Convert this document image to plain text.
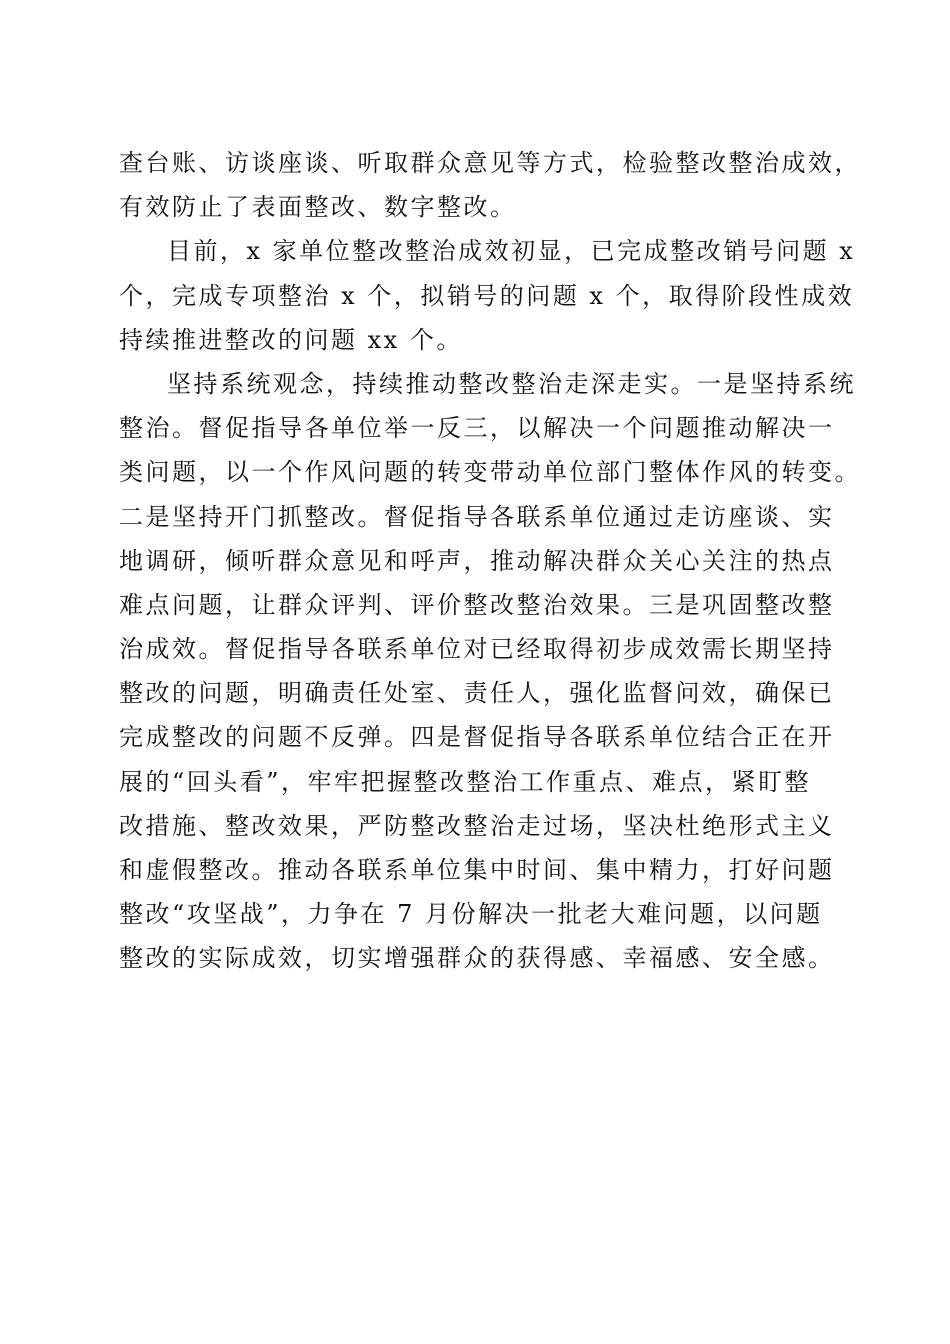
查台账、访谈座谈、听取群众意见等方式，检验整改整治成效，
有效防止了表面整改、数字整改。
目前，x 家单位整改整治成效初显，已完成整改销号问题 x
个，完成专项整治 x 个，拟销号的问题 x 个，取得阶段性成效
持续推进整改的问题 xx 个。
坚持系统观念，持续推动整改整治走深走实。一是坚持系统
整治。督促指导各单位举一反三，以解决一个问题推动解决一
类问题，以一个作风问题的转变带动单位部门整体作风的转变。
二是坚持开门抓整改。督促指导各联系单位通过走访座谈、实
地调研，倾听群众意见和呼声，推动解决群众关心关注的热点
难点问题，让群众评判、评价整改整治效果。三是巩固整改整
治成效。督促指导各联系单位对已经取得初步成效需长期坚持
整改的问题，明确责任处室、责任人，强化监督问效，确保已
完成整改的问题不反弹。四是督促指导各联系单位结合正在开
展的“回头看”，牢牢把握整改整治工作重点、难点，紧盯整
改措施、整改效果，严防整改整治走过场，坚决杜绝形式主义
和虚假整改。推动各联系单位集中时间、集中精力，打好问题
整改“攻坚战”，力争在 7 月份解决一批老大难问题，以问题
整改的实际成效，切实增强群众的获得感、幸福感、安全感。
